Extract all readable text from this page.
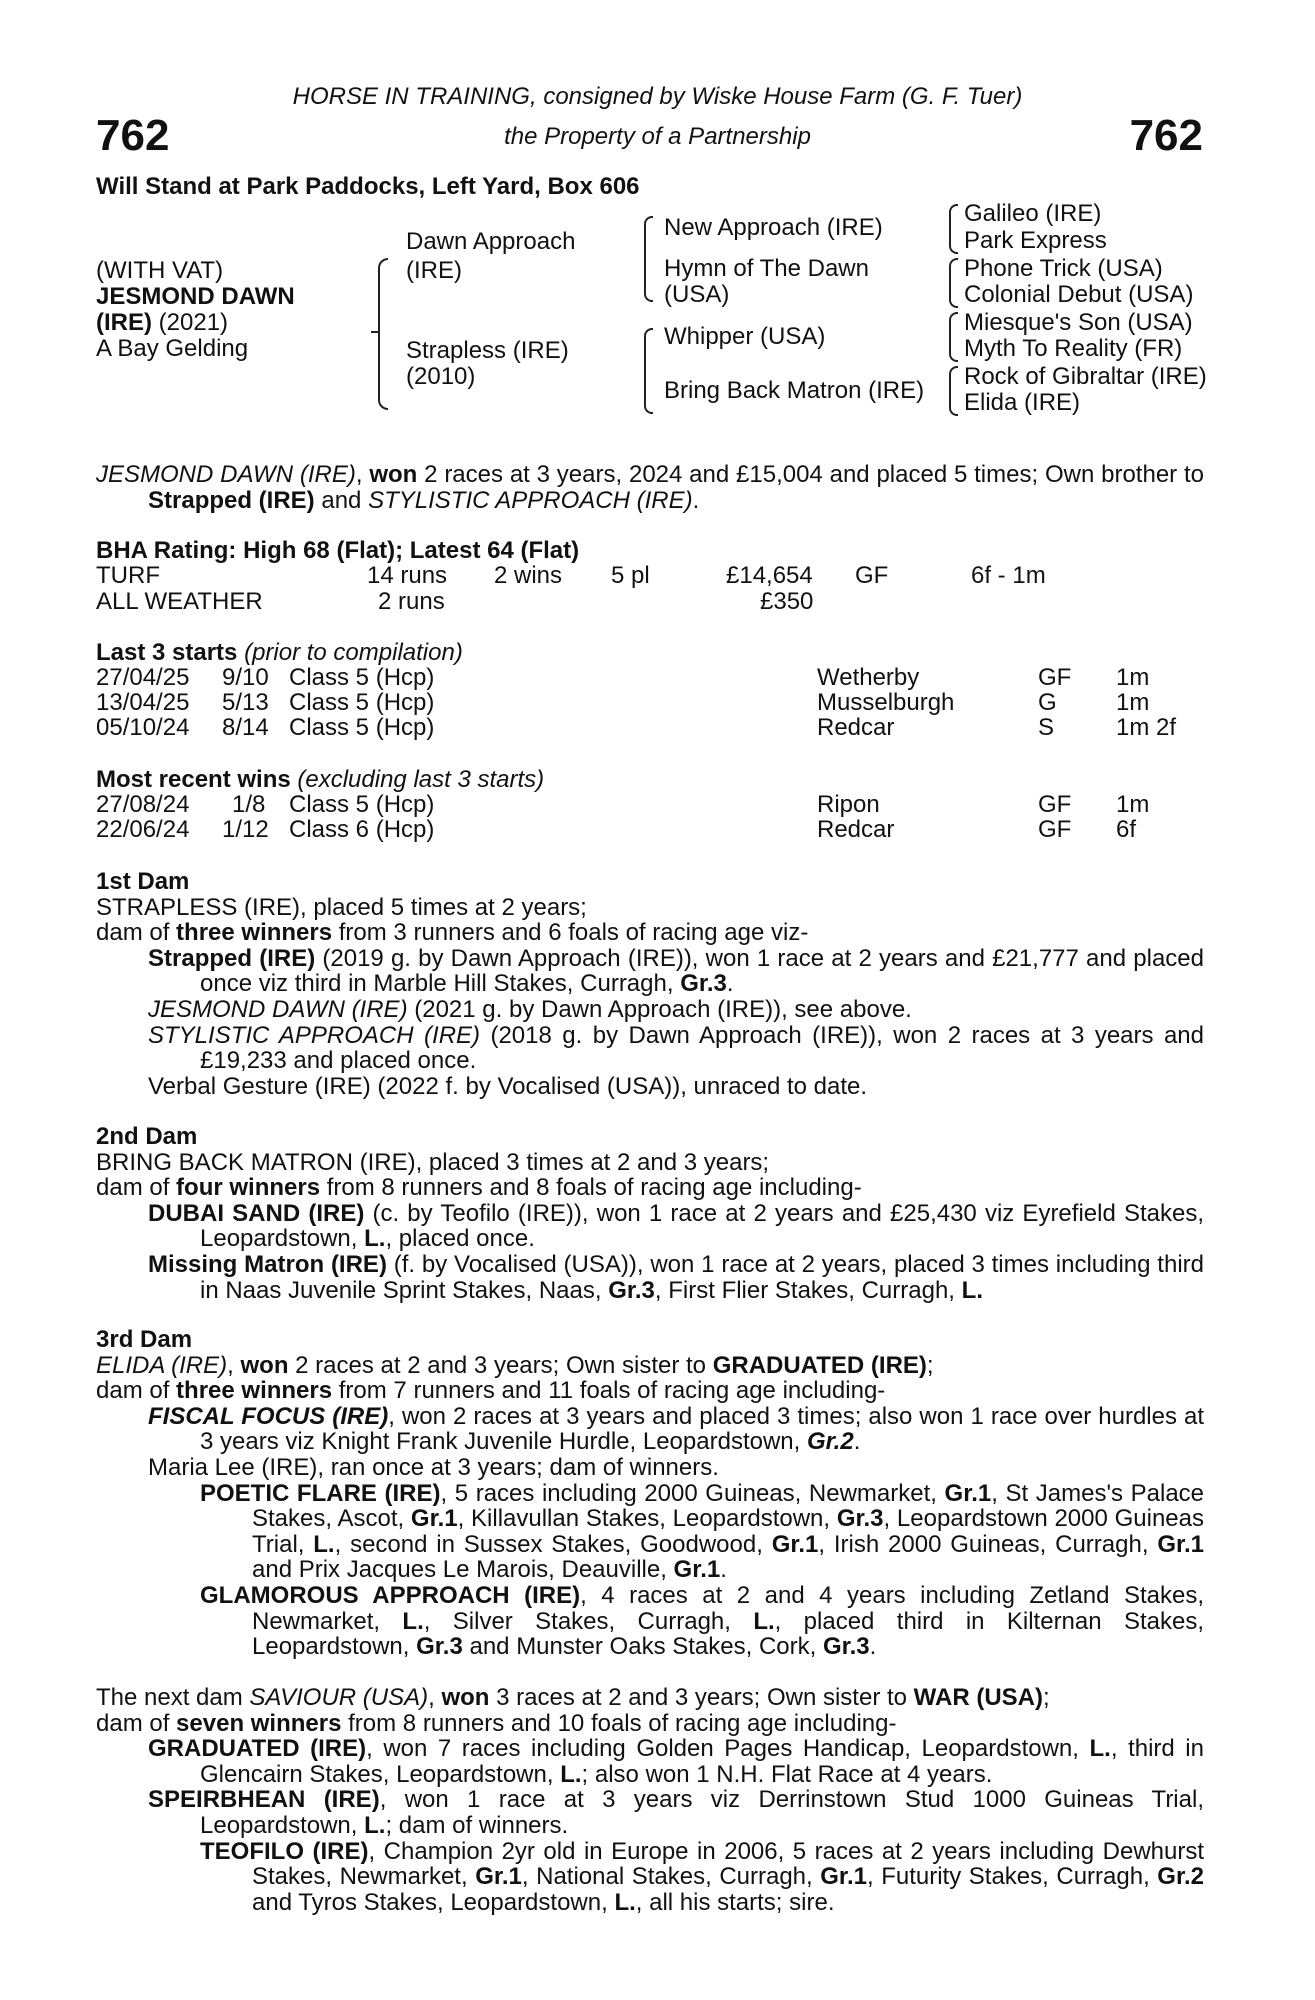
HORSE IN TRAINING, consigned by Wiske House Farm (G. F. Tuer)
762	the Property of a Partnership	762
Will Stand at Park Paddocks, Left Yard, Box 606
(WITH VAT)
JESMOND DAWN
(IRE) (2021)
A Bay Gelding
Dawn Approach
(IRE)
Strapless (IRE)
(2010)
New Approach (IRE)
Hymn of The Dawn
(USA)
Whipper (USA)
Bring Back Matron (IRE)
Galileo (IRE)
Park Express
Phone Trick (USA)
Colonial Debut (USA)
Miesque's Son (USA)
Myth To Reality (FR)
Rock of Gibraltar (IRE)
Elida (IRE)

JESMOND DAWN (IRE), won 2 races at 3 years, 2024 and £15,004 and placed 5 times; Own brother to Strapped (IRE) and STYLISTIC APPROACH (IRE).

BHA Rating: High 68 (Flat); Latest 64 (Flat)
TURF	14 runs 2 wins 5 pl	£14,654 GF	6f - 1m
ALL WEATHER	2 runs	£350
Last 3 starts (prior to compilation)
27/04/25 9/10 Class 5 (Hcp)	Wetherby	GF 1m
13/04/25 5/13 Class 5 (Hcp)	Musselburgh	G 1m
05/10/24 8/14 Class 5 (Hcp)	Redcar	S	1m 2f
Most recent wins (excluding last 3 starts)
27/08/24 1/8 Class 5 (Hcp)	Ripon	GF 1m
22/06/24 1/12 Class 6 (Hcp)	Redcar	GF 6f

1st Dam

STRAPLESS (IRE), placed 5 times at 2 years;

dam of three winners from 3 runners and 6 foals of racing age viz-

Strapped (IRE) (2019 g. by Dawn Approach (IRE)), won 1 race at 2 years and £21,777 and placed once viz third in Marble Hill Stakes, Curragh, Gr.3.

JESMOND DAWN (IRE) (2021 g. by Dawn Approach (IRE)), see above.

STYLISTIC APPROACH (IRE) (2018 g. by Dawn Approach (IRE)), won 2 races at 3 years and £19,233 and placed once.

Verbal Gesture (IRE) (2022 f. by Vocalised (USA)), unraced to date.

2nd Dam

BRING BACK MATRON (IRE), placed 3 times at 2 and 3 years;

dam of four winners from 8 runners and 8 foals of racing age including-

DUBAI SAND (IRE) (c. by Teofilo (IRE)), won 1 race at 2 years and £25,430 viz Eyrefield Stakes, Leopardstown, L., placed once.

Missing Matron (IRE) (f. by Vocalised (USA)), won 1 race at 2 years, placed 3 times including third in Naas Juvenile Sprint Stakes, Naas, Gr.3, First Flier Stakes, Curragh, L.

3rd Dam

ELIDA (IRE), won 2 races at 2 and 3 years; Own sister to GRADUATED (IRE);

dam of three winners from 7 runners and 11 foals of racing age including-

FISCAL FOCUS (IRE), won 2 races at 3 years and placed 3 times; also won 1 race over hurdles at 3 years viz Knight Frank Juvenile Hurdle, Leopardstown, Gr.2.

Maria Lee (IRE), ran once at 3 years; dam of winners.

POETIC FLARE (IRE), 5 races including 2000 Guineas, Newmarket, Gr.1, St James's Palace Stakes, Ascot, Gr.1, Killavullan Stakes, Leopardstown, Gr.3, Leopardstown 2000 Guineas Trial, L., second in Sussex Stakes, Goodwood, Gr.1, Irish 2000 Guineas, Curragh, Gr.1 and Prix Jacques Le Marois, Deauville, Gr.1.

GLAMOROUS APPROACH (IRE), 4 races at 2 and 4 years including Zetland Stakes, Newmarket, L., Silver Stakes, Curragh, L., placed third in Kilternan Stakes, Leopardstown, Gr.3 and Munster Oaks Stakes, Cork, Gr.3.

The next dam SAVIOUR (USA), won 3 races at 2 and 3 years; Own sister to WAR (USA);

dam of seven winners from 8 runners and 10 foals of racing age including-

GRADUATED (IRE), won 7 races including Golden Pages Handicap, Leopardstown, L., third in Glencairn Stakes, Leopardstown, L.; also won 1 N.H. Flat Race at 4 years.

SPEIRBHEAN (IRE), won 1 race at 3 years viz Derrinstown Stud 1000 Guineas Trial, Leopardstown, L.; dam of winners.

TEOFILO (IRE), Champion 2yr old in Europe in 2006, 5 races at 2 years including Dewhurst Stakes, Newmarket, Gr.1, National Stakes, Curragh, Gr.1, Futurity Stakes, Curragh, Gr.2 and Tyros Stakes, Leopardstown, L., all his starts; sire.
